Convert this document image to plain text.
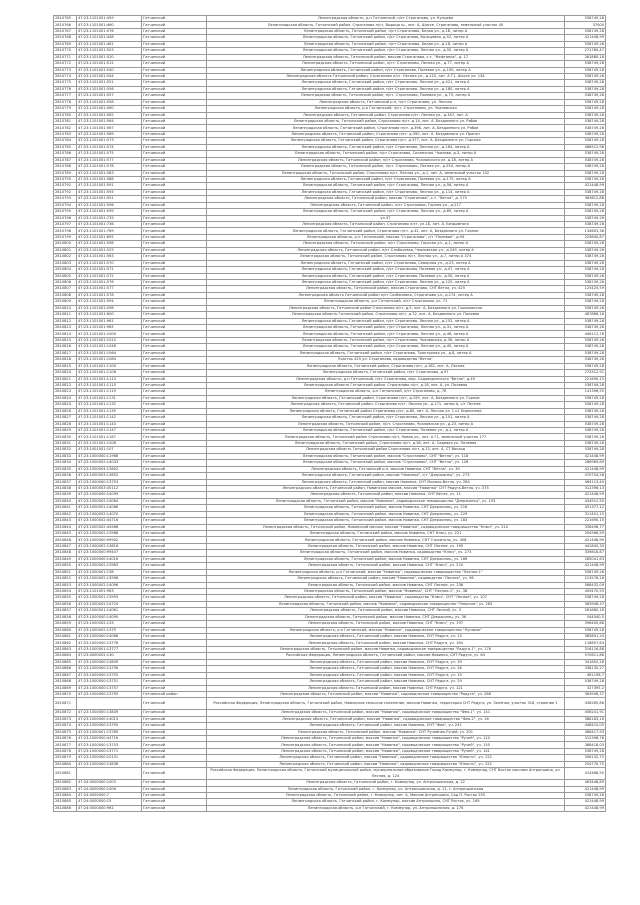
2810765	47:23:1101001:459	Гатчинский	Ленинградская область, р-н Гатчинский, п/ст Строганово, ул. Кунцево	538749,28
2810766	47:23:1101001:460	Гатчинский	Ленинградская область, Гатчинский район, Строганово п/ст, Вырица ш., лит. А, Шоссе, Строганово, земельный участок 40	37000
2810767	47:23:1101001:576	Гатчинский	Ленинградская область, Гатчинский район, п/ст Строганово, Белая ул., д.1б, литер А	538749,28
2810768	47:23:1101001:448	Гатчинский	Ленинградская область, Гатчинский район, п/ст Строганово, Кольцевая, д.52, литер А	421448,99
2810769	47:23:1101001:461	Гатчинский	Ленинградская область, Гатчинский район, п/ст Строганово, Белая ул., д.18, литер А	538749,28
2810770	47:23:1101001:503	Гатчинский	Ленинградская область, Гатчинский район, п/ст Строганово, Лесная ул., д.55, литер А	271760,47
2810771	47:23:1101001:520	Гатчинский	Ленинградская область, Гатчинский район, массив Строганово, с.т. "Нефтяник", д. 17	261880,18
2810772	47:23:1101001:512	Гатчинский	Ленинградская область, Гатчинский район, п/ст. Строганово, Лесная ул., д.77, литер А	538749,28
2810773	47:23:1101001:540	Гатчинский	Ленинградская область, Гатчинский район, п/ст Строганово, Полевая ул., д.190, литер А	538749,28
2810774	47:23:1101001:544	Гатчинский	Ленинградская область Гатчинский район, Строганово п/ст. Лесная ул., д.115, лит. А Г1, Шоссе ул. 13А	538749,28
2810775	47:23:1101001:551	Гатчинский	Ленинградская область, Гатчинский район, п/ст Строганово, Лесная ул., д.421, литер А	538749,28
2810776	47:23:1101001:556	Гатчинский	Ленинградская область, Гатчинский район, п/ст Строганово, Лесная ул., д.180, литер А	538749,28
2810777	47:23:1101001:557	Гатчинский	Ленинградская область, Гатчинский район, п/ст. Строганово, Полевая ул., д.75, литер А	538749,28
2810778	47:23:1101001:558	Гатчинский	Ленинградская область, Гатчинский р-н, п/ст Строганово, ул. Лесная	538749,28
2810779	47:23:1101001:560	Гатчинский	Ленинградская область, р-н Гатчинский, п/ст. Строганово, ул. Чкаловская	538749,28
2810780	47:23:1101001:562	Гатчинский	Ленинградская область, Гатчинский район, Строганово п/ст. Лесная ул., д.347, лит. А	538749,28
2810781	47:23:1101001:564	Гатчинский	Ленинградская область, Гатчинский район, Строганово п/ст. д.14, лит. А. Бездомного ул. Рябое	538749,28
2810782	47:23:1101001:567	Гатчинский	Ленинградская область, Гатчинский район, Строганово п/ст. д.398, лит. А. Бездомного ул. Рябое	538749,28
2810783	47:23:1101001:569	Гатчинский	Ленинградская область, Гатчинский район, Строганово п/ст. д.390, лит. А. Бездомного ул. Прогон	538749,28
2810784	47:23:1101001:573	Гатчинский	Ленинградская область, Гатчинский район, Строганово п/ст. д.377, лит. А. Бездомного ул. Горская	538749,28
2810785	47:23:1101001:574	Гатчинский	Ленинградская область, Гатчинский район, п/ст Строганово, Лесная ул., д.164, литер А	488512,96
2810786	47:23:1101001:575	Гатчинский	Ленинградская область, Гатчинский район, п/ст Строганово, Солнечная, Чкалова, д.3, литер А	538749,28
2810787	47:23:1101001:577	Гатчинский	Ленинградская область, Гатчинский район, п/ст Строганово, Чкаловского ул. д.18, литер А	538749,28
2810788	47:23:1101001:578	Гатчинский	Ленинградская область, Гатчинский район, п/ст. Строганово, Лесная ул., д.254, литер А	538749,28
2810789	47:23:1101001:583	Гатчинский	Ленинградская область, Гатчинский район, Строганово п/ст, Лесная ул., д.1, лит. А, земельный участок 152	538749,28
2810790	47:23:1101001:588	Гатчинский	Ленинградская область, Гатчинский район, п/ст Строганово, Полевая ул., д.175, литер А	538749,28
2810791	47:23:1101001:591	Гатчинский	Ленинградская область, Гатчинский район, п/ст Строганово, Лесная ул., д.56, литер А	421448,99
2810792	47:23:1101001:593	Гатчинский	Ленинградская область, Гатчинский район, п/ст Строганово, Лесная ул., д.114, литер А	538749,28
2810793	47:23:1101001:551	Гатчинский	Ленинградская область, Гатчинский район, массив "Строганово", с.т. "Ветла", д. 270	383612,88
2810794	47:23:1101001:596	Гатчинский	Ленинградская область, Гатчинский район, п/ст Строганово, Горная ул., д.217	538749,28
2810795	47:23:1101001:599	Гатчинский	Ленинградская область, Гатчинский район, п/ст Строганово, Лесная ул., д.69, литер А	538749,28
2810796	47:23:1101001:735	Гатчинский	ул.37	538749,28
2810797	47:23:1101001:736	Гатчинский	Ленинградская область, Гатчинский район, Строганово п/ст, ул.1Б, лит. А, Бездомного	538749,28
2810798	47:23:1101001:769	Гатчинский	Ленинградская область, Гатчинский район, Строганово п/ст. д.32, лит. А, Бездомного ул. Горное	134603,38
2810799	47:23:1101001:895	Гатчинский	Ленинградская область, р-н Гатчинский, массив "Строганово", с/т "Полевое", д.94	229840,87
2810800	47:23:1101001:598	Гатчинский	Ленинградская область, Гатчинский район, п/ст Строганово, Горская ул., д.1, литер А	538749,28
2810801	47:23:1101001:525	Гатчинский	Ленинградская область, Гатчинский район, п/ст Слобачевка, Чкаловская ул., д.249, литер А	538749,28
2810802	47:23:1101001:563	Гатчинский	Ленинградская область, Гатчинский район, Строганово п/ст, Лесная ул., д.7, литер А 374	538749,28
2810803	47:23:1101001:570	Гатчинский	Ленинградская область, Гатчинский район, п/ст Строганово, Северная ул., д.23, литер А	538749,28
2810804	47:23:1101001:571	Гатчинский	Ленинградская область, Гатчинский район, п/ст Строганово, Полевая ул., д.47, литер А	538749,28
2810805	47:23:1101001:572	Гатчинский	Ленинградская область, Гатчинский район, п/ст Строганово, Полевая ул., д.50, литер А	538749,28
2810806	47:23:1101001:576	Гатчинский	Ленинградская область, Гатчинский район, п/ст Строганово, Лесная ул., д.120, литер А	538749,28
2810807	47:23:1101001:577	Гатчинский	Ленинградская область, Гатчинский район, массив Строганово, СНТ Ветла, уч. 425	125425,59
2810808	47:23:1101001:578	Гатчинский	Ленинградская область Гатчинский район п/ст Слобачевка, Строганово ул., д.174, литер А	538749,28
2810809	47:23:1101001:594	Гатчинский	Ленинградская область, р-н Гатчинский, п/ст Строганово, ул. 71	538749,28
2810810	47:23:1101001:598	Гатчинский	Ленинградская область, Гатчинский район Строганово п/ст, д.5, лит. А, Бездомного ул. Горьковская	538749,28
2810811	47:23:1101001:600	Гатчинский	Ленинградская область Гатчинский район, Строганово п/ст, д.72, лит. А, Бездомного ул. Полевая	487866,16
2810812	47:23:1101001:961	Гатчинский	Ленинградская область, Гатчинский район, п/ст Строганово, Лесная ул., д.152, литер А	538749,28
2810813	47:23:1101001:985	Гатчинский	Ленинградская область, Гатчинский район, п/ст Строганово, Лесная ул., д.31, литер А	538749,28
2810814	47:23:1101001:1000	Гатчинский	Ленинградская область, Гатчинский район, п/ст Строганово, Лесная ул., д.46, литер А	446112,78
2810815	47:23:1101001:1010	Гатчинский	Ленинградская область, Гатчинский район, п/ст Строганово, Чкаловская, д.36, литер А	538749,28
2810816	47:23:1101001:1048	Гатчинский	Ленинградская область, Гатчинский район, п/ст Строганово, Лесная ул., д.45, литер А	538749,28
2810817	47:23:1101001:1064	Гатчинский	Ленинградская область, Гатчинский район, п/ст Строганово, Тракторная ул., д.8, литер А	538749,28
2810818	47:23:1101001:1084	Гатчинский	Участок 425 ул. Строганово, садоводство "Ветла"	538749,28
2810819	47:23:1101001:1100	Гатчинский	Ленинградская область, Гатчинский район, Строганово п/ст, д.162, лит. А, Лесная	538749,28
2810820	47:23:1101001:1108	Гатчинский	Ленинградская область, Гатчинский район, п/ст Строганово, д.97	273312,91
2810821	47:23:1101001:1113	Гатчинский	Ленинградская область, р-н Гатчинский, п/ст Строганово, мкр. Садоводческого "Ветла", д.49	221690,15
2810822	47:23:1101001:1115	Гатчинский	Ленинградская область Гатчинский район, Строганово п/ст, д.18, лит. А, ул. Полевая	538749,28
2810823	47:23:1101001:1119	Гатчинский	Ленинградская область, р-н Гатчинский, п/ст Строганово, д. 78	141396,55
2810824	47:23:1101001:1131	Гатчинский	Ленинградская область, Гатчинский район, Строганово п/ст, д.159, лит. А, Бездомного ул. Горное	538749,28
2810825	47:23:1101001:1132	Гатчинский	Ленинградская область, Гатчинский район, Строганово п/ст, Лесная ул., д.171, литер А, с/т Летнее	538749,28
2810826	47:23:1101001:1139	Гатчинский	Ленинградская область, Гатчинский район Строганово п/ст, д.80, лит. А, Лесная ул. 1 к1 Кирпичное	538749,28
2810827	47:23:1101001:1142	Гатчинский	Ленинградская область, Гатчинский район, п/ст Строганово, Лесная ул., д.101, литер А	538749,28
2810828	47:23:1101001:1143	Гатчинский	Ленинградская область, Гатчинский район, п/ст. Строганово, Чкаловская ул., д.23, литер А	538749,28
2810829	47:23:1101001:1147	Гатчинский	Ленинградская область, Гатчинский район, п/ст Строганово, Полевая ул., д.1, литер А	538749,28
2810830	47:23:1101001:1167	Гатчинский	Ленинградская область, Гатчинский район Строганово п/ст, Новая ул., лит. А Г1, земельный участок 177	538749,28
2810831	47:23:1101001:1208	Гатчинский	Ленинградская область, Гатчинский район, Строганово п/ст, д.38, лит. А, Садовая ул. Полевая	538749,28
2810832	47:23:1001001:107	Гатчинский	Ленинградская область Гатчинский район Строганово п/ст, д.13, лит. А, СТ Восход	538749,28
2810833	47:23:1000000:11968	Гатчинский	Ленинградская область, Гатчинский район, массив "Строганово", СНТ "Ветла", уч. 118	421448,99
2810834	47:23:1000002:14033	Гатчинский	Ленинградская область, Гатчинский район, массив "Строганово", СНТ "Ветла", уч. 126	286969,89
2810835	47:23:1000004:13602	Гатчинский	Ленинградская область, Гатчинский р-н, массив Новинка, СНТ "Ветла", уч. 30	421448,99
2810836	47:23:1000003:13652	Гатчинский	Ленинградская область, Гатчинский район, массив "Новинка", с/т "Дзержинец", уч. 273	470754,58
2810837	47:23:1000000:13753	Гатчинский	Ленинградская область, Гатчинский район, массив Новинка, СНТ Молоко-Ветла, уч. 284	464113,49
2810838	47:23:1000003:45112	Гатчинский	Ленинградская область, Гатчинский район, Новинская массив, массив "Новинка" СНТ Радуга-Ветла, уч. 375	312396,13
2810839	47:23:1000000:14099	Гатчинский	Ленинградская область, Гатчинский район, массив Новинка, СНТ Ветла, уч. 11	421448,99
2810840	47:23:1000002:14064	Гатчинский	Ленинградская область, Гатчинский район, массив "Новинка", садоводческое товарищество "Дзержинец", уч. 193	434912,50
2810841	47:23:1000001:14066	Гатчинский	Ленинградская область, Гатчинский район, массив Новинка, СНТ Дзержинец, уч. 216	451377,12
2810842	47:23:1000002:14070	Гатчинский	Ленинградская область, Гатчинский район, массив Новинка, СНТ Дзержинец, уч. 229	311401,15
2810843	47:23:1000002:44716	Гатчинский	Ленинградская область, Гатчинский район, массив Новинка, СНТ Дзержинец, уч. 183	221690,15
2810844	47:23:1000002:44568	Гатчинский	Ленинградская область, Гатчинский район, Новинский массив, массив "Новинка", садоводческое товарищество "Ключ", уч. 210	336498,77
2810845	47:23:1000002:13988	Гатчинский	Ленинградская область, Гатчинский район, массив Новинка, СНТ Ключ, уч. 221	294566,59
2810846	47:23:1000000:99902	Гатчинский	Ленинградская область, Гатчинский район, массив Новинка, СНТ Строитель, уч. 308	421448,99
2810847	47:23:1000002:13816	Гатчинский	Ленинградская область, Гатчинский район, массив Новинка, СНТ Лесное, уч. 195	441845,33
2810848	47:23:1000000:99407	Гатчинский	Ленинградская область, Гатчинский район, массив Новинка, садоводство "Ключ", уч. 273	339818,87
2810849	47:23:1000000:14016	Гатчинский	Ленинградская область, Гатчинский район, массив Новинка, СНТ Дзержинец, уч. 166	285041,63
2810850	47:23:1000002:13983	Гатчинский	Ленинградская область, Гатчинский район, массив Новинка, СНТ "Ключ", уч. 220	421448,99
2810851	47:23:1000001:138	Гатчинский	Ленинградская область, р-н Гатчинский, массив "Новинка", садоводческое товарищество "Лесное-1"	538749,28
2810852	47:23:1000002:13998	Гатчинский	Ленинградская область, Гатчинский район, массив "Новинка", садоводство "Лесное", уч. 98	213576,16
2810853	47:23:1000002:14096	Гатчинский	Ленинградская область, Гатчинский район, массив Новинка, СНТ Лесное, уч. 236	588432,09
2810854	47:23:1101001:983	Гатчинский	Ленинградская область, Гатчинский район, массив "Новинка", СНТ "Лесное-1", уч. 38	409470,55
2810855	47:23:1000001:13993	Гатчинский	Ленинградская область, Гатчинский район, массив "Новинка", садоводство "Ключ", СНТ "Лесное", уч. 107	538749,28
2810856	47:23:1000002:14720	Гатчинский	Ленинградская область, Гатчинский район, массив "Новинка", садоводческое товарищество "Энергия", уч. 283	363946,37
2810857	47:23:1000001:14061	Гатчинский	Ленинградская область, Гатчинский район, массив Новинка, СНТ Лесной, уч. 3	261880,18
2810858	47:23:1000000:14090	Гатчинский	Ленинградская область, Гатчинский район, массив Новинка, СНТ Дзержинец, уч. 36	544540,5
2810859	47:23:1000002:133	Гатчинский	Ленинградская область, Гатчинский район, массив Новинка, СНТ "Ключ", уч. 197	396400,66
2810860	47:23:1000002:1379	Гатчинский	Ленинградская область, р-н Гатчинский, массив "Новинка", садоводческое товарищество "Луговое"	538749,28
2810861	47:23:1000000:14066	Гатчинский	Ленинградская область, Гатчинский район, массив Новинка, СНТ Радуга, уч. 13	385891,24
2810862	47:23:1000000:13778	Гатчинский	Ленинградская область, Гатчинский район, массив Новинка, СНТ Радуга, уч. 164	118657,63
2810863	47:23:1000001:13777	Гатчинский	Ленинградская область, Гатчинский район, массив Новинка, садоводческое товарищество "Радуга-1", уч. 176	316116,88
2810864	47:23:0000002:130	Гатчинский	Российская Федерация, Ленинградская область, Гатчинский район, массив Новинка, СНТ Радуга, уч. 64	570611,86
2810865	47:23:1000000:13849	Гатчинский	Ленинградская область, Гатчинский район, массив Новинка, СНТ Радуга, уч. 39	341852,26
2810866	47:23:1000000:13756	Гатчинский	Ленинградская область, Гатчинский район, массив Новинка, СНТ Радуга, уч. 26	338135,27
2810867	47:23:1000000:13755	Гатчинский	Ленинградская область, Гатчинский район, массив Новинка, СНТ Радуга, уч. 19	461196,7
2810868	47:23:1000000:13751	Гатчинский	Ленинградская область, Гатчинский район, массив Новинка, СНТ Радуга, уч. 29	538749,28
2810869	47:23:1000000:13757	Гатчинский	Ленинградская область, Гатчинский район, массив Новинка, СНТ Радуга, уч. 121	327395,2
2810870	47:23:1000000:13755	Гатчинский район	Ленинградская область, Гатчинский район, массив "Новинка", садоводческое товарищество "Радуга", уч. 266	363946,37
2810871		Гатчинский	Российская Федерация, Ленинградская область, Гатчинский район, Новинское сельское поселение, массив Новинка, территория СНТ Радуга, ул. Зелёная, участок 316, строение 1	436265,86
2810872	47:23:1000000:13839	Гатчинский	Ленинградская область, Гатчинский район, массив "Новинка", садоводческое товарищество "Фея-1", уч. 141	456241,91
2810873	47:23:1000000:14013	Гатчинский	Ленинградская область, Гатчинский район, массив "Новинка", садоводческое товарищество "Фея-2", уч. 16	388183,16
2810874	47:23:1000000:13795	Гатчинский	Ленинградская область, Гатчинский район, массив Новинка, СНТ "Фея", уч. 241	448410,05
2810875	47:23:1000001:13789	Гатчинский	Ленинградская область, Гатчинский район, массив "Новинка", СНТ Ручейник-Ручей, уч. 201	388417,93
2810876	47:23:1000000:44716	Гатчинский	Ленинградская область, Гатчинский район, массив "Новинка", садоводческое товарищество "Ручей", уч. 110	312398,76
2810877	47:23:1000000:13753	Гатчинский	Ленинградская область, Гатчинский район, массив "Новинка", садоводческое товарищество "Ручей", уч. 155	388418,03
2810878	47:23:1000000:13771	Гатчинский	Ленинградская область, Гатчинский район, массив "Новинка", садоводческое товарищество "Ручей", уч. 141	538749,28
2810879	47:23:1000000:10101	Гатчинский	Ленинградская область, Гатчинский район, массив "Новинка", садоводческое товарищество "Юность", уч. 152	356132,75
2810880	47:23:1000000:13838	Гатчинский	Ленинградская область, Гатчинский район, массив "Новинка", садоводческое товарищество "Юность", уч. 152	254770,75
2810881		Гатчинский	Российская Федерация, Ленинградская область, Гатчинский муниципальный район, муниципальное образование Город Коммунар, г. Коммунар, СНТ Восток массива Антропшино, ул. Лесная, д. 124	414468,55
2810882	47:24:0000000:1003	Гатчинский	Ленинградская область, Гатчинский район, г. Коммунар, ул. Антропшинская, д. 22	463448,89
2810883	47:24:0000000:1006	Гатчинский	Ленинградская область, Гатчинский район, г. Коммунар, ул. Антропшинская, д. 11, г. Антропшинская	421448,99
2810884	47:24:0000000:7	Гатчинский	Ленинградская область, Гатчинский район, г. Коммунар, лит. А, Массив Антропшино, Сад П. Росток 255	538749,28
2810885	47:24:0000000:15	Гатчинский	Ленинградская область, Гатчинский район, г. Коммунар, массив Антропшино, СНТ Росток, уч. 169	421448,99
2810886	47:24:0000000:961	Гатчинский	Ленинградская область, р-н Гатчинский, г. Коммунар, ул. Антропшинская, д. 176	421448,99
